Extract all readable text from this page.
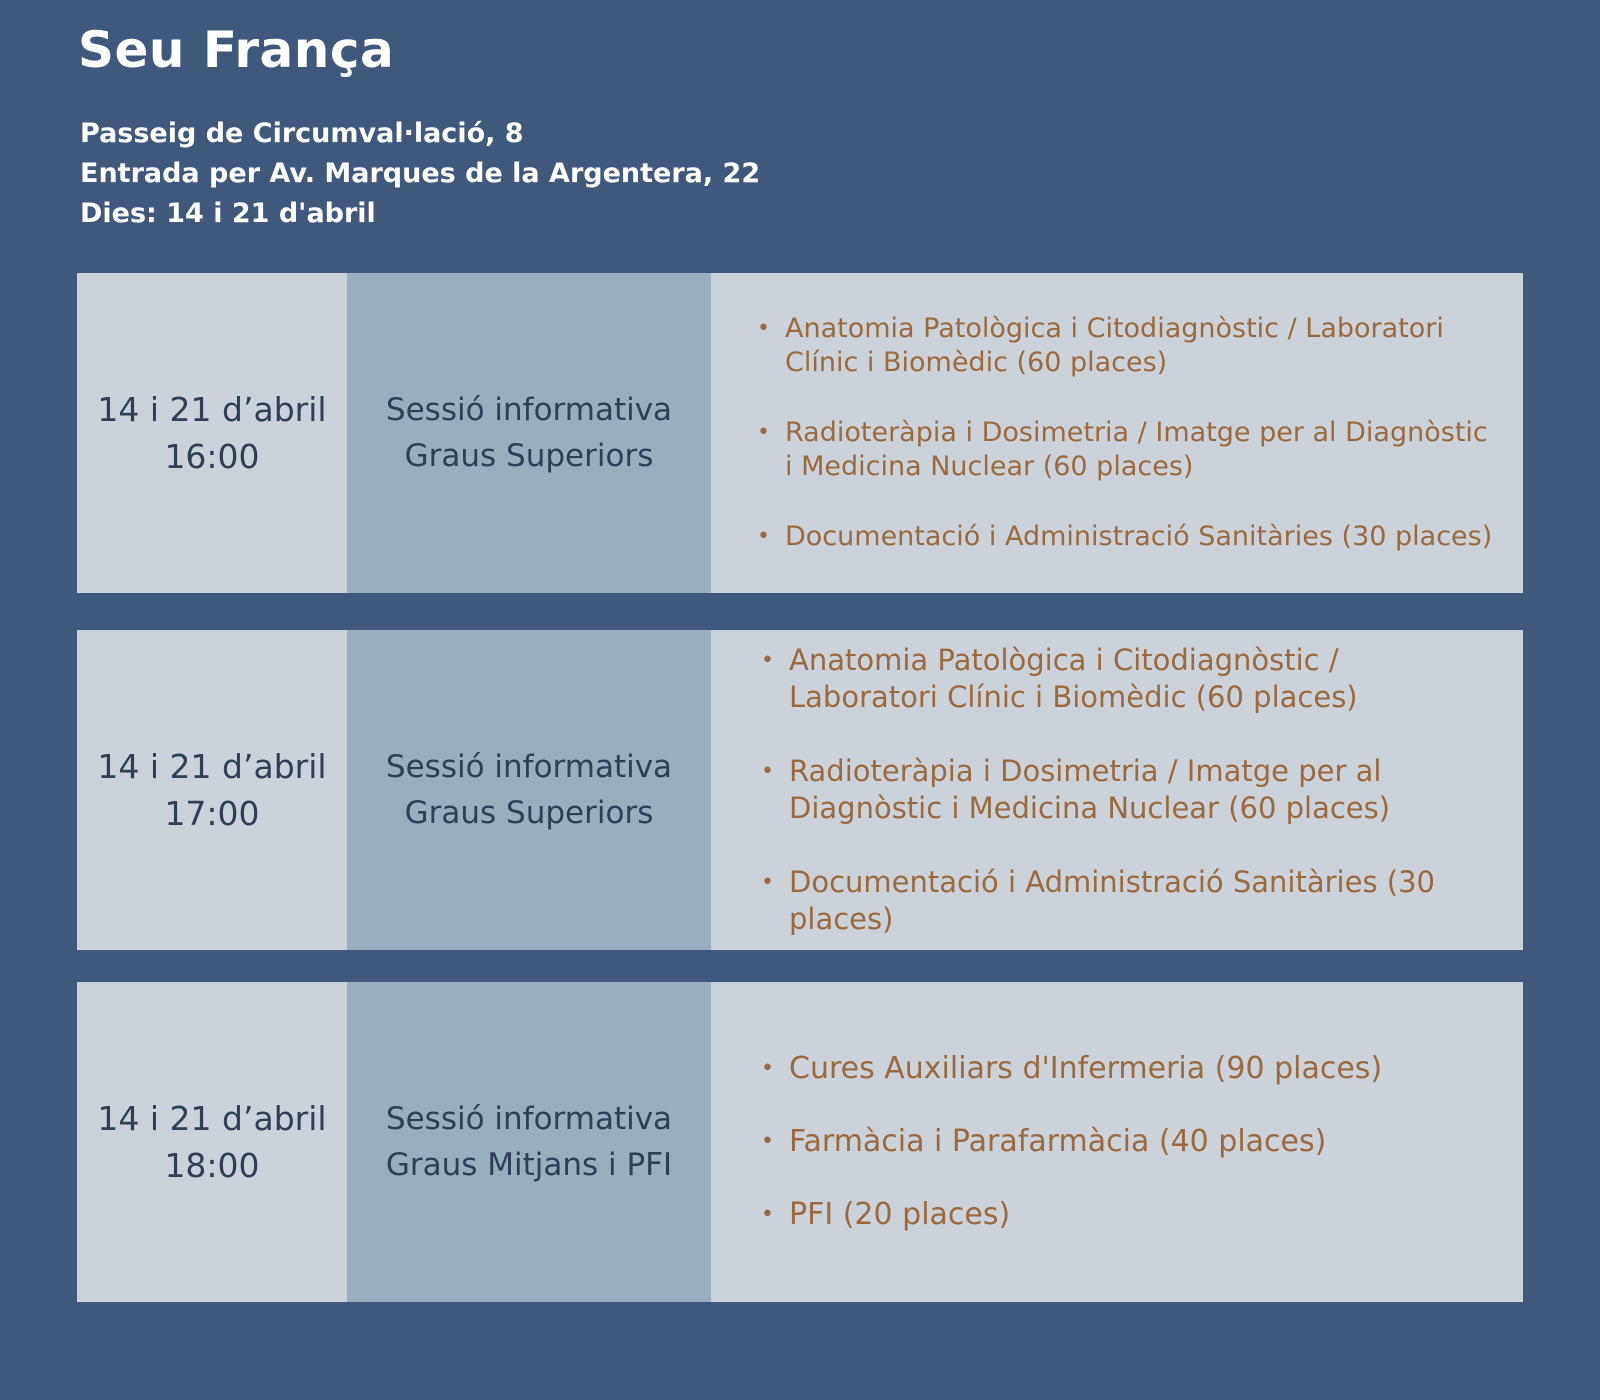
Seu França
Passeig de Circumval·lació, 8
Entrada per Av. Marques de la Argentera, 22
Dies: 14 i 21 d'abril
14 i 21 d’abril
16:00
Sessió informativa
Graus Superiors
• Anatomia Patològica i Citodiagnòstic / Laboratori Clínic i Biomèdic (60 places)
• Radioteràpia i Dosimetria / Imatge per al Diagnòstic i Medicina Nuclear (60 places)
• Documentació i Administració Sanitàries (30 places)
14 i 21 d’abril
17:00
Sessió informativa
Graus Superiors
• Anatomia Patològica i Citodiagnòstic / Laboratori Clínic i Biomèdic (60 places)
• Radioteràpia i Dosimetria / Imatge per al Diagnòstic i Medicina Nuclear (60 places)
• Documentació i Administració Sanitàries (30 places)
14 i 21 d’abril
18:00
Sessió informativa
Graus Mitjans i PFI
• Cures Auxiliars d'Infermeria (90 places)
• Farmàcia i Parafarmàcia (40 places)
• PFI (20 places)
